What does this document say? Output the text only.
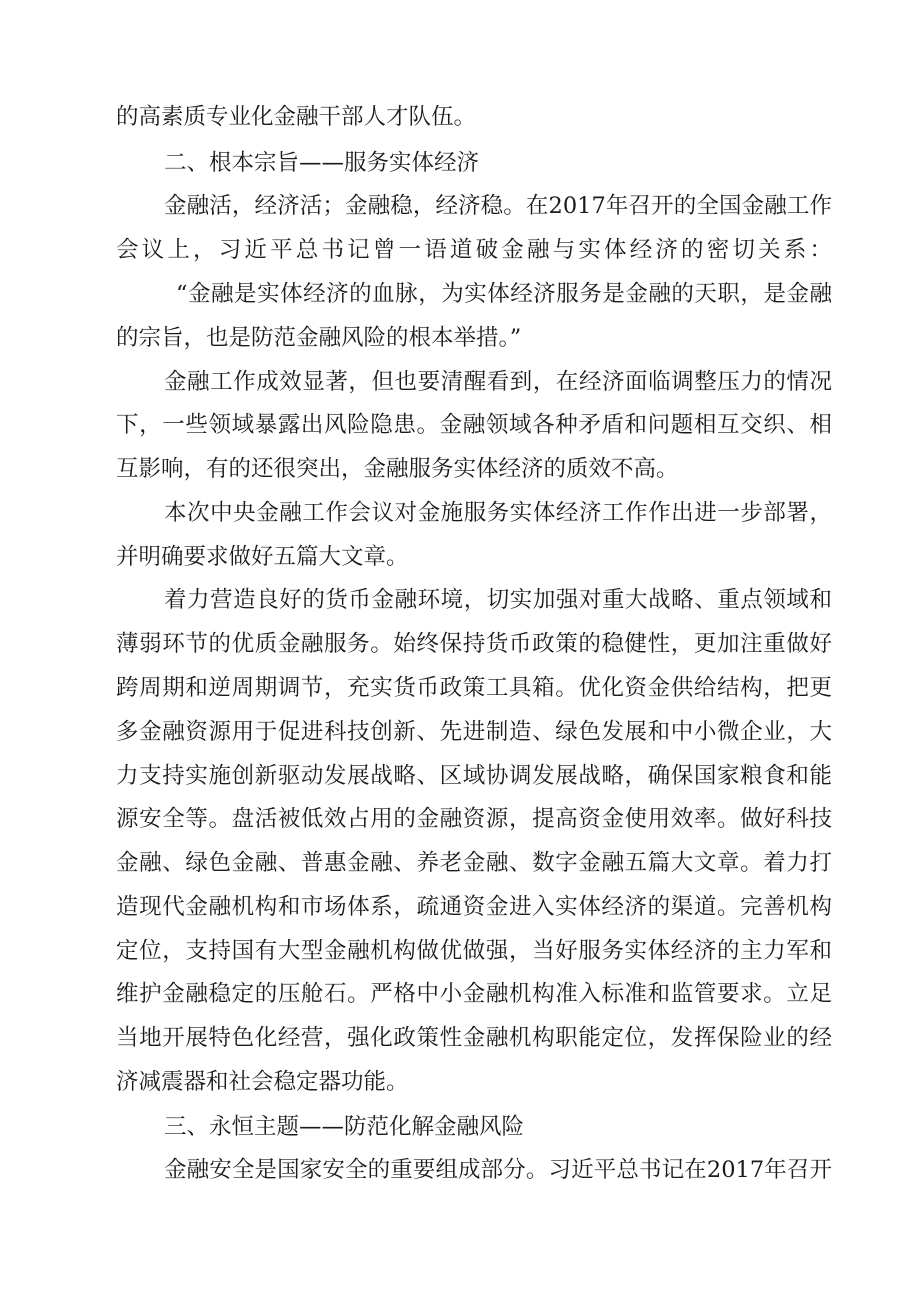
的高素质专业化金融干部人才队伍。
二、根本宗旨——服务实体经济
金融活，经济活；金融稳，经济稳。在2017年召开的全国金融工作
会议上，习近平总书记曾一语道破金融与实体经济的密切关系：
“金融是实体经济的血脉，为实体经济服务是金融的天职，是金融
的宗旨，也是防范金融风险的根本举措。”
金融工作成效显著，但也要清醒看到，在经济面临调整压力的情况
下，一些领域暴露出风险隐患。金融领域各种矛盾和问题相互交织、相
互影响，有的还很突出，金融服务实体经济的质效不高。
本次中央金融工作会议对金施服务实体经济工作作出进一步部署，
并明确要求做好五篇大文章。
着力营造良好的货币金融环境，切实加强对重大战略、重点领域和
薄弱环节的优质金融服务。始终保持货币政策的稳健性，更加注重做好
跨周期和逆周期调节，充实货币政策工具箱。优化资金供给结构，把更
多金融资源用于促进科技创新、先进制造、绿色发展和中小微企业，大
力支持实施创新驱动发展战略、区域协调发展战略，确保国家粮食和能
源安全等。盘活被低效占用的金融资源，提高资金使用效率。做好科技
金融、绿色金融、普惠金融、养老金融、数字金融五篇大文章。着力打
造现代金融机构和市场体系，疏通资金进入实体经济的渠道。完善机构
定位，支持国有大型金融机构做优做强，当好服务实体经济的主力军和
维护金融稳定的压舱石。严格中小金融机构准入标准和监管要求。立足
当地开展特色化经营，强化政策性金融机构职能定位，发挥保险业的经
济减震器和社会稳定器功能。
三、永恒主题——防范化解金融风险
金融安全是国家安全的重要组成部分。习近平总书记在2017年召开
